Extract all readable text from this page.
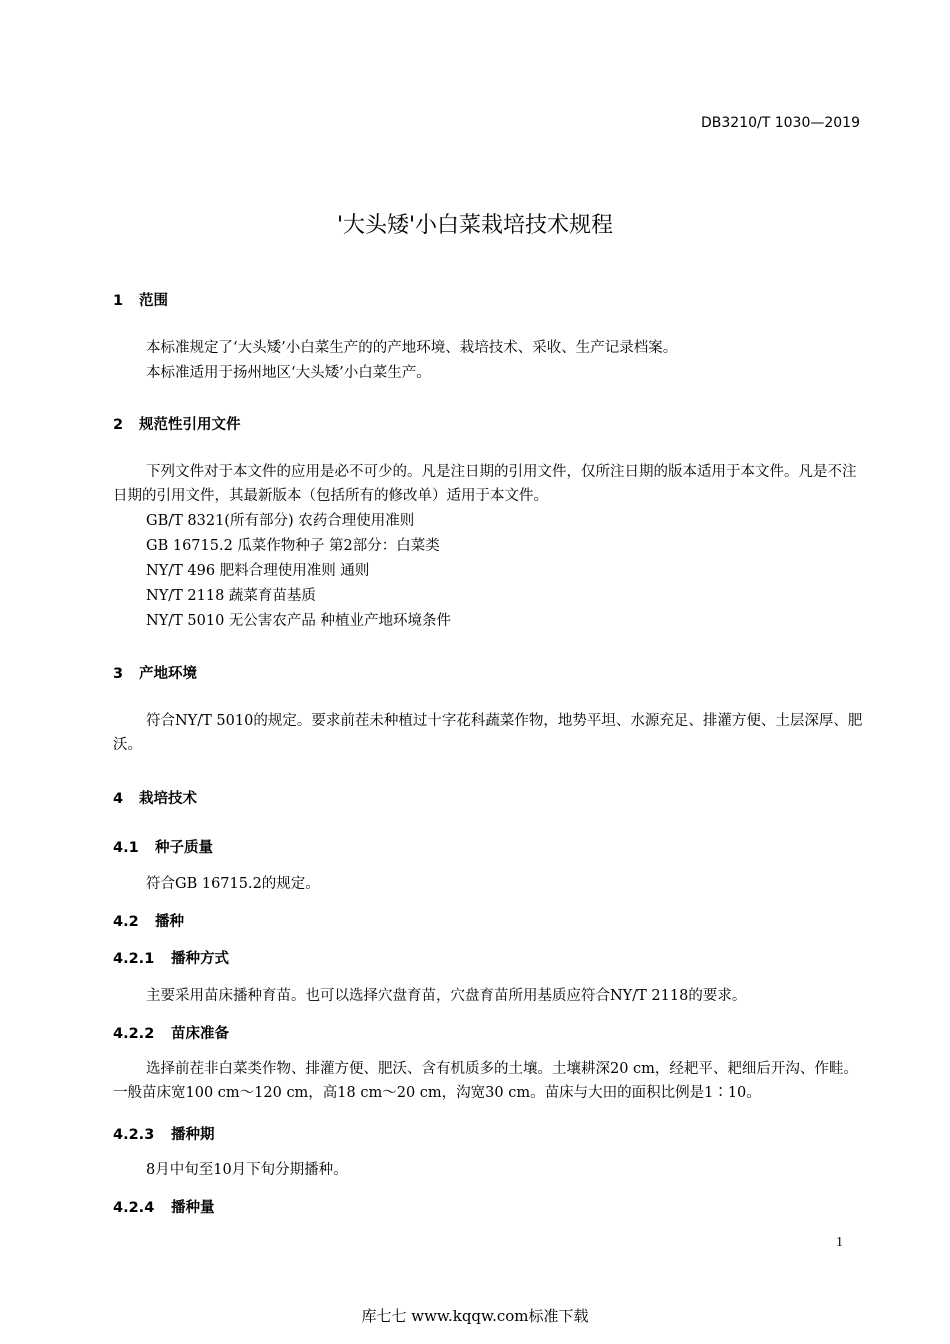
DB3210/T 1030—2019
'大头矮'小白菜栽培技术规程
1 范围
本标准规定了‘大头矮’小白菜生产的的产地环境、栽培技术、采收、生产记录档案。
本标准适用于扬州地区‘大头矮’小白菜生产。
2 规范性引用文件
下列文件对于本文件的应用是必不可少的。凡是注日期的引用文件，仅所注日期的版本适用于本文件。凡是不注日期的引用文件，其最新版本（包括所有的修改单）适用于本文件。
GB/T 8321(所有部分) 农药合理使用准则
GB 16715.2 瓜菜作物种子 第2部分：白菜类
NY/T 496 肥料合理使用准则 通则
NY/T 2118 蔬菜育苗基质
NY/T 5010 无公害农产品 种植业产地环境条件
3 产地环境
符合NY/T 5010的规定。要求前茬未种植过十字花科蔬菜作物，地势平坦、水源充足、排灌方便、土层深厚、肥沃。
4 栽培技术
4.1 种子质量
符合GB 16715.2的规定。
4.2 播种
4.2.1 播种方式
主要采用苗床播种育苗。也可以选择穴盘育苗，穴盘育苗所用基质应符合NY/T 2118的要求。
4.2.2 苗床准备
选择前茬非白菜类作物、排灌方便、肥沃、含有机质多的土壤。土壤耕深20 cm，经耙平、耙细后开沟、作畦。一般苗床宽100 cm～120 cm，高18 cm～20 cm，沟宽30 cm。苗床与大田的面积比例是1∶10。
4.2.3 播种期
8月中旬至10月下旬分期播种。
4.2.4 播种量
1
库七七 www.kqqw.com标准下载
